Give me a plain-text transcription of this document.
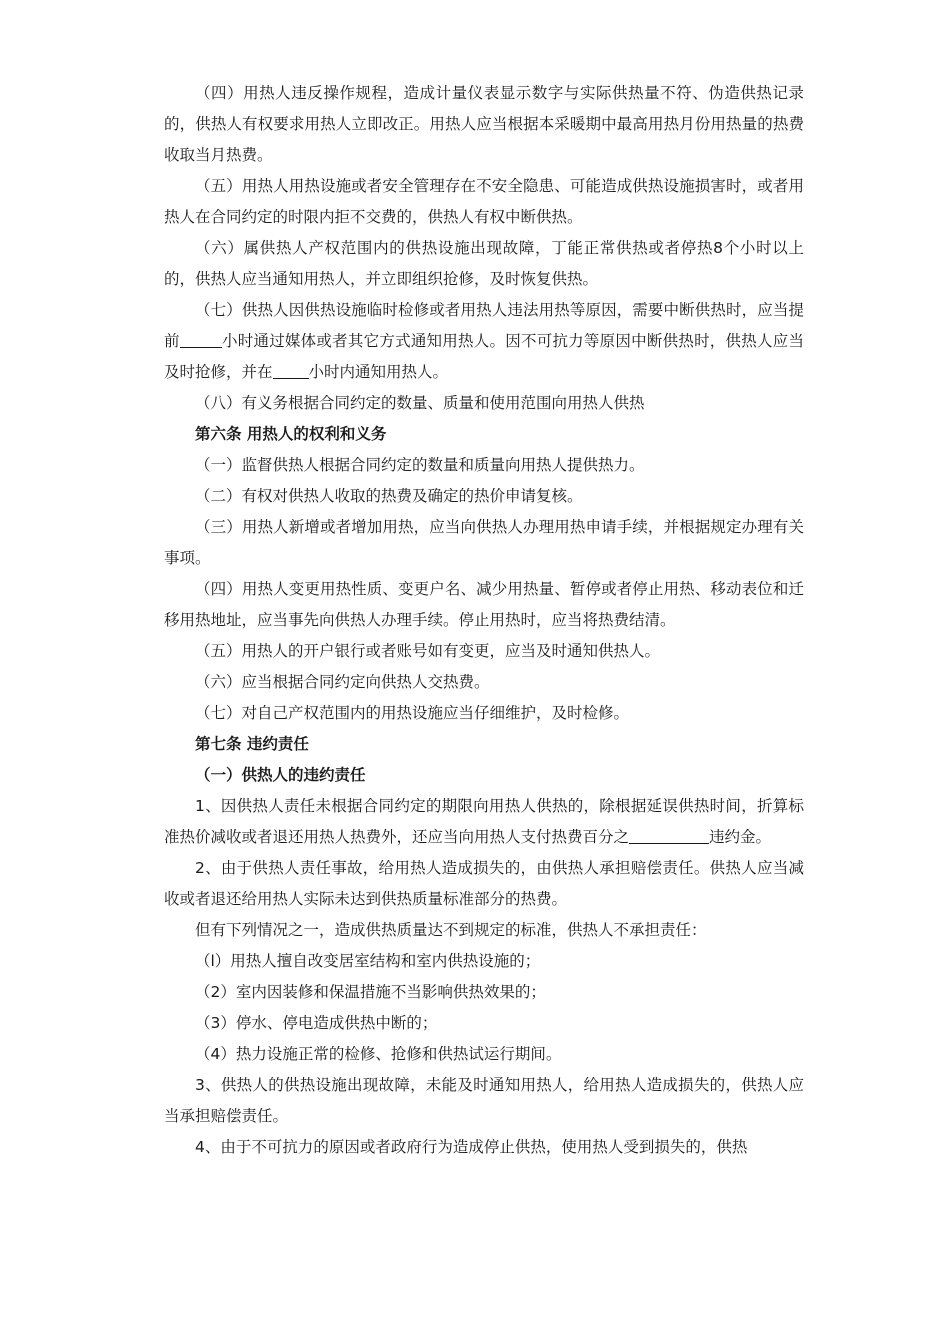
（四）用热人违反操作规程，造成计量仪表显示数字与实际供热量不符、伪造供热记录的，供热人有权要求用热人立即改正。用热人应当根据本采暖期中最高用热月份用热量的热费收取当月热费。

（五）用热人用热设施或者安全管理存在不安全隐患、可能造成供热设施损害时，或者用热人在合同约定的时限内拒不交费的，供热人有权中断供热。

（六）属供热人产权范围内的供热设施出现故障，丁能正常供热或者停热8个小时以上的，供热人应当通知用热人，并立即组织抢修，及时恢复供热。

（七）供热人因供热设施临时检修或者用热人违法用热等原因，需要中断供热时，应当提前	小时通过媒体或者其它方式通知用热人。因不可抗力等原因中断供热时，供热人应当及时抢修，并在 小时内通知用热人。

（八）有义务根据合同约定的数量、质量和使用范围向用热人供热

第六条 用热人的权利和义务

（一）监督供热人根据合同约定的数量和质量向用热人提供热力。

（二）有权对供热人收取的热费及确定的热价申请复核。

（三）用热人新增或者增加用热，应当向供热人办理用热申请手续，并根据规定办理有关事项。

（四）用热人变更用热性质、变更户名、减少用热量、暂停或者停止用热、移动表位和迁移用热地址，应当事先向供热人办理手续。停止用热时，应当将热费结清。

（五）用热人的开户银行或者账号如有变更，应当及时通知供热人。

（六）应当根据合同约定向供热人交热费。

（七）对自己产权范围内的用热设施应当仔细维护，及时检修。

第七条 违约责任

（一）供热人的违约责任

1、因供热人责任未根据合同约定的期限向用热人供热的，除根据延误供热时间，折算标准热价减收或者退还用热人热费外，还应当向用热人支付热费百分之	违约金。

2、由于供热人责任事故，给用热人造成损失的，由供热人承担赔偿责任。供热人应当减收或者退还给用热人实际未达到供热质量标准部分的热费。

但有下列情况之一，造成供热质量达不到规定的标准，供热人不承担责任：

（l）用热人擅自改变居室结构和室内供热设施的；

（2）室内因装修和保温措施不当影响供热效果的；

（3）停水、停电造成供热中断的；

（4）热力设施正常的检修、抢修和供热试运行期间。

3、供热人的供热设施出现故障，未能及时通知用热人，给用热人造成损失的，供热人应当承担赔偿责任。

4、由于不可抗力的原因或者政府行为造成停止供热，使用热人受到损失的，供热
